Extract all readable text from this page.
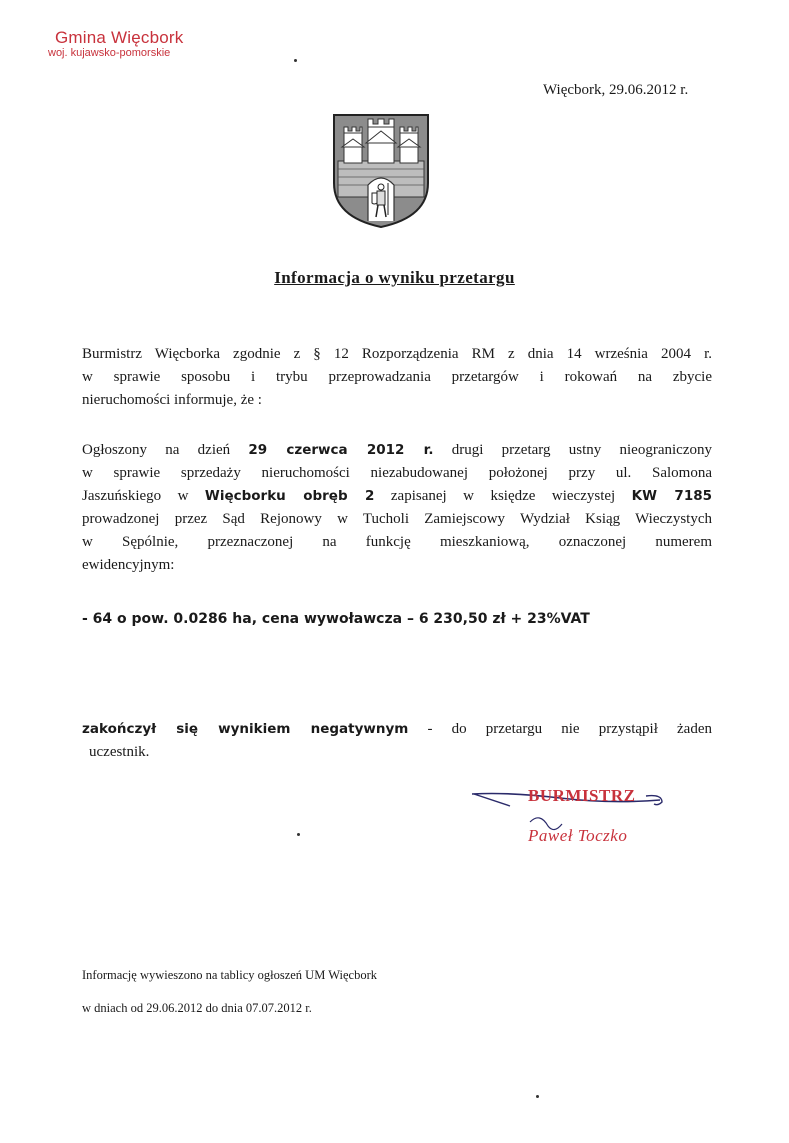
Gmina Więcbork
woj. kujawsko-pomorskie
Więcbork, 29.06.2012 r.
Informacja o wyniku przetargu
Burmistrz Więcborka zgodnie z § 12 Rozporządzenia RM z dnia 14 września 2004 r.
w sprawie sposobu i trybu przeprowadzania przetargów i rokowań na zbycie
nieruchomości informuje, że :
Ogłoszony na dzień 29 czerwca 2012 r. drugi przetarg ustny nieograniczony
w sprawie sprzedaży nieruchomości niezabudowanej położonej przy ul. Salomona
Jaszuńskiego w Więcborku obręb 2 zapisanej w księdze wieczystej KW 7185
prowadzonej przez Sąd Rejonowy w Tucholi Zamiejscowy Wydział Ksiąg Wieczystych
w Sępólnie, przeznaczonej na funkcję mieszkaniową, oznaczonej numerem
ewidencyjnym:
- 64 o pow. 0.0286 ha, cena wywoławcza – 6 230,50 zł + 23%VAT
zakończył się wynikiem negatywnym - do przetargu nie przystąpił żaden
uczestnik.
BURMISTRZ
Paweł Toczko
Informację wywieszono na tablicy ogłoszeń UM Więcbork
w dniach od 29.06.2012 do dnia 07.07.2012 r.
